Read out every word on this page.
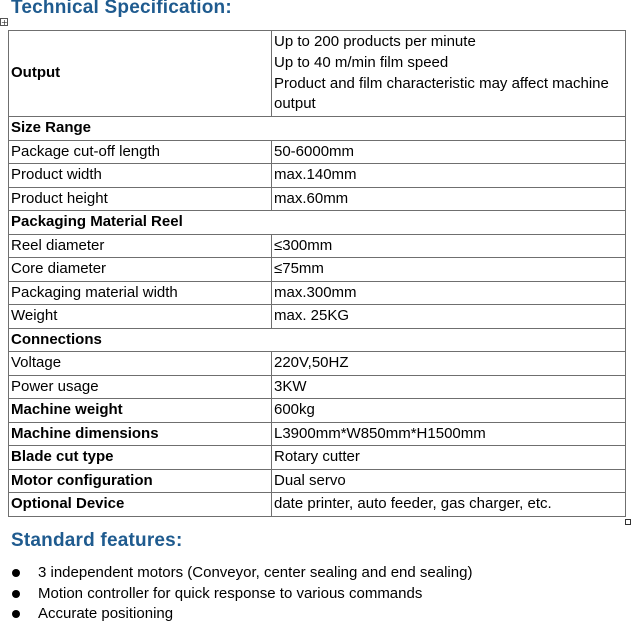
Technical Specification:
+
Output	Up to 200 products per minute
Up to 40 m/min film speed
Product and film characteristic may affect machine output

Size Range	
Package cut-off length	50-6000mm
Product width	max.140mm
Product height	max.60mm
Packaging Material Reel	
Reel diameter	≤300mm
Core diameter	≤75mm
Packaging material width	max.300mm
Weight	max. 25KG
Connections	
Voltage	220V,50HZ
Power usage	3KW
Machine weight	600kg
Machine dimensions	L3900mm*W850mm*H1500mm
Blade cut type	Rotary cutter
Motor configuration	Dual servo
Optional Device	date printer, auto feeder, gas charger, etc.
Standard features:
3 independent motors (Conveyor, center sealing and end sealing)
Motion controller for quick response to various commands
Accurate positioning
